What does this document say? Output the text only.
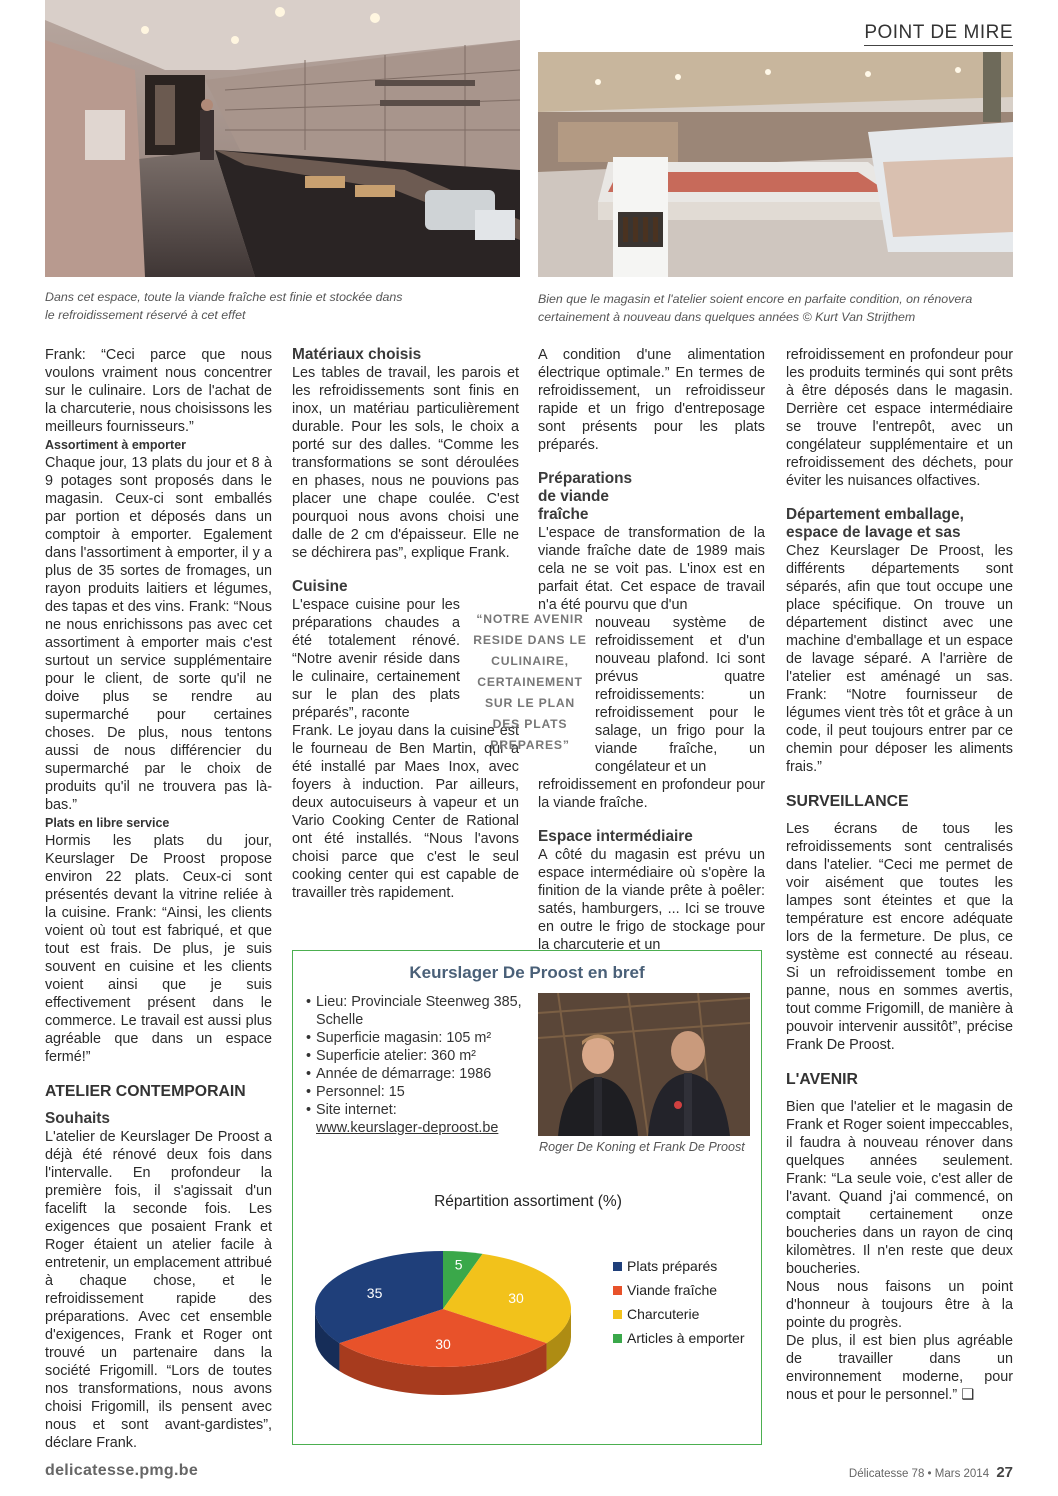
POINT DE MIRE
Dans cet espace, toute la viande fraîche est finie et stockée dans le refroidissement réservé à cet effet
Bien que le magasin et l'atelier soient encore en parfaite condition, on rénovera certainement à nouveau dans quelques années © Kurt Van Strijthem

Frank: “Ceci parce que nous voulons vraiment nous concentrer sur le culinaire. Lors de l'achat de la charcuterie, nous choisissons les meilleurs fournisseurs.”

Assortiment à emporter

Chaque jour, 13 plats du jour et 8 à 9 potages sont proposés dans le magasin. Ceux-ci sont emballés par portion et déposés dans un comptoir à emporter. Egalement dans l'assortiment à emporter, il y a plus de 35 sortes de fromages, un rayon produits laitiers et légumes, des tapas et des vins. Frank: “Nous ne nous enrichissons pas avec cet assortiment à emporter mais c'est surtout un service supplémentaire pour le client, de sorte qu'il ne doive plus se rendre au supermarché pour certaines choses. De plus, nous tentons aussi de nous différencier du supermarché par le choix de produits qu'il ne trouvera pas là-bas.”

Plats en libre service

Hormis les plats du jour, Keurslager De Proost propose environ 22 plats. Ceux-ci sont présentés devant la vitrine reliée à la cuisine. Frank: “Ainsi, les clients voient où tout est fabriqué, et que tout est frais. De plus, je suis souvent en cuisine et les clients voient ainsi que je suis effectivement présent dans le commerce. Le travail est aussi plus agréable que dans un espace fermé!”

ATELIER CONTEMPORAIN
Souhaits

L'atelier de Keurslager De Proost a déjà été rénové deux fois dans l'intervalle. En profondeur la première fois, il s'agissait d'un facelift la seconde fois. Les exigences que posaient Frank et Roger étaient un atelier facile à entretenir, un emplacement attribué à chaque chose, et le refroidissement rapide des préparations. Avec cet ensemble d'exigences, Frank et Roger ont trouvé un partenaire dans la société Frigomill. “Lors de toutes nos transformations, nous avons choisi Frigomill, ils pensent avec nous et sont avant-gardistes”, déclare Frank.

Matériaux choisis

Les tables de travail, les parois et les refroidissements sont finis en inox, un matériau particulièrement durable. Pour les sols, le choix a porté sur des dalles. “Comme les transformations se sont déroulées en phases, nous ne pouvions pas placer une chape coulée. C'est pourquoi nous avons choisi une dalle de 2 cm d'épaisseur. Elle ne se déchirera pas”, explique Frank.

Cuisine

L'espace cuisine pour les préparations chaudes a été totalement rénové. “Notre avenir réside dans le culinaire, certainement sur le plan des plats préparés”, raconte

Frank. Le joyau dans la cuisine est le fourneau de Ben Martin, qui a été installé par Maes Inox, avec foyers à induction. Par ailleurs, deux autocuiseurs à vapeur et un Vario Cooking Center de Rational ont été installés. “Nous l'avons choisi parce que c'est le seul cooking center qui est capable de travailler très rapidement.

“NOTRE AVENIR RESIDE DANS LE CULINAIRE, CERTAINEMENT SUR LE PLAN DES PLATS PREPARES”

A condition d'une alimentation électrique optimale.” En termes de refroidissement, un refroidisseur rapide et un frigo d'entreposage sont présents pour les plats préparés.

Préparations de viande fraîche

L'espace de transformation de la viande fraîche date de 1989 mais cela ne se voit pas. L'inox est en parfait état. Cet espace de travail n'a été pourvu que d'un

nouveau système de refroidissement et d'un nouveau plafond. Ici sont prévus quatre refroidissements: un refroidissement pour le salage, un frigo pour la viande fraîche, un congélateur et un

refroidissement en profondeur pour la viande fraîche.

Espace intermédiaire

A côté du magasin est prévu un espace intermédiaire où s'opère la finition de la viande prête à poêler: satés, hamburgers, ... Ici se trouve en outre le frigo de stockage pour la charcuterie et un

refroidissement en profondeur pour les produits terminés qui sont prêts à être déposés dans le magasin. Derrière cet espace intermédiaire se trouve l'entrepôt, avec un congélateur supplémentaire et un refroidissement des déchets, pour éviter les nuisances olfactives.

Département emballage, espace de lavage et sas

Chez Keurslager De Proost, les différents départements sont séparés, afin que tout occupe une place spécifique. On trouve un département distinct avec une machine d'emballage et un espace de lavage séparé. A l'arrière de l'atelier est aménagé un sas. Frank: “Notre fournisseur de légumes vient très tôt et grâce à un code, il peut toujours entrer par ce chemin pour déposer les aliments frais.”

SURVEILLANCE

Les écrans de tous les refroidissements sont centralisés dans l'atelier. “Ceci me permet de voir aisément que toutes les lampes sont éteintes et que la température est encore adéquate lors de la fermeture. De plus, ce système est connecté au réseau. Si un refroidissement tombe en panne, nous en sommes avertis, tout comme Frigomill, de manière à pouvoir intervenir aussitôt”, précise Frank De Proost.

L'AVENIR

Bien que l'atelier et le magasin de Frank et Roger soient impeccables, il faudra à nouveau rénover dans quelques années seulement. Frank: “La seule voie, c'est aller de l'avant. Quand j'ai commencé, on comptait certainement onze boucheries dans un rayon de cinq kilomètres. Il n'en reste que deux boucheries.

Nous nous faisons un point d'honneur à toujours être à la pointe du progrès.

De plus, il est bien plus agréable de travailler dans un environnement moderne, pour nous et pour le personnel.” ❑

Keurslager De Proost en bref
• Lieu: Provinciale Steenweg 385,
Schelle
• Superficie magasin: 105 m²
• Superficie atelier: 360 m²
• Année de démarrage: 1986
• Personnel: 15
• Site internet:
www.keurslager-deproost.be
Roger De Koning et Frank De Proost
Répartition assortiment (%)
5
30
30
35
Plats préparés
Viande fraîche
Charcuterie
Articles à emporter
delicatesse.pmg.be	Délicatesse 78 • Mars 2014 27
